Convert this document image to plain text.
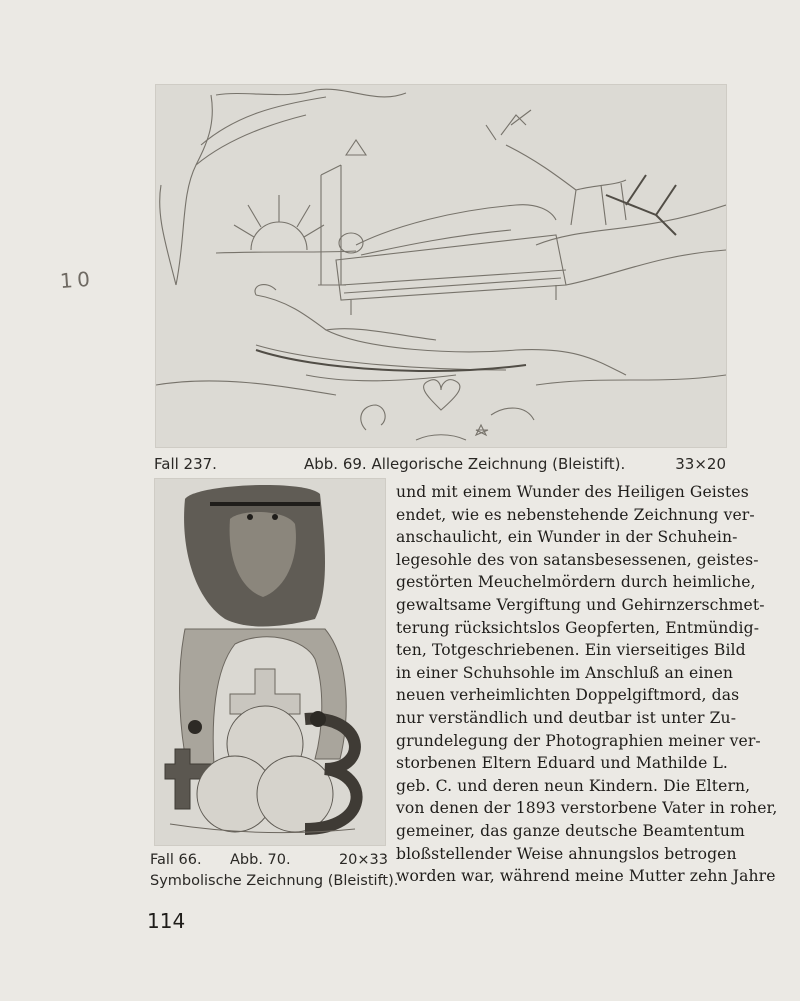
1 0
Fall 237.	Abb. 69. Allegorische Zeichnung (Bleistift).	33×20
Fall 66. Abb. 70.	20×33
Symbolische Zeichnung (Bleistift).
und mit einem Wunder des Heiligen Geistes
endet, wie es nebenstehende Zeichnung ver-
anschaulicht, ein Wunder in der Schuhein-
legesohle des von satansbesessenen, geistes-
gestörten Meuchelmördern durch heimliche,
gewaltsame Vergiftung und Gehirnzerschmet-
terung rücksichtslos Geopferten, Entmündig-
ten, Totgeschriebenen. Ein vierseitiges Bild
in einer Schuhsohle im Anschluß an einen
neuen verheimlichten Doppelgiftmord, das
nur verständlich und deutbar ist unter Zu-
grundelegung der Photographien meiner ver-
storbenen Eltern Eduard und Mathilde L.
geb. C. und deren neun Kindern. Die Eltern,
von denen der 1893 verstorbene Vater in roher,
gemeiner, das ganze deutsche Beamtentum
bloßstellender Weise ahnungslos betrogen
worden war, während meine Mutter zehn Jahre
114
